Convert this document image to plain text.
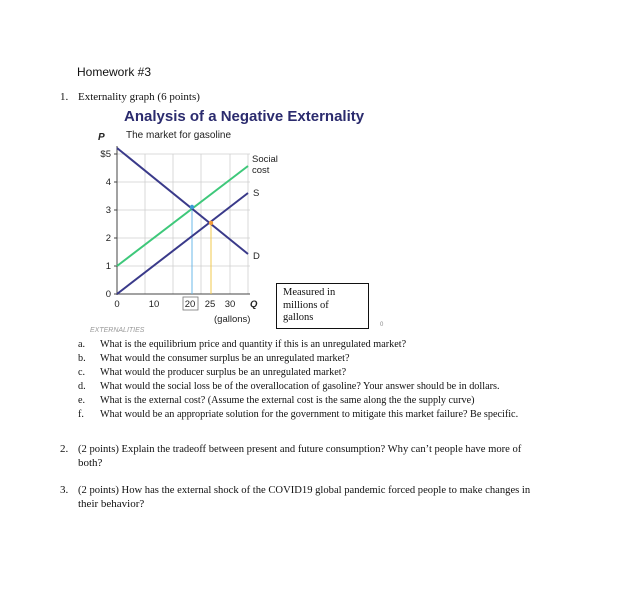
Homework #3
1. Externality graph (6 points)
Analysis of a Negative Externality
P The market for gasoline
$5
4
3
2
1
0
0	10	20 25 30 Q
(gallons)
EXTERNALITIES
Social
cost
S
D
Measured in
millions of
gallons
0
a. What is the equilibrium price and quantity if this is an unregulated market?
b. What would the consumer surplus be an unregulated market?
c. What would the producer surplus be an unregulated market?
d. What would the social loss be of the overallocation of gasoline? Your answer should be in dollars.
e. What is the external cost? (Assume the external cost is the same along the the supply curve)
f. What would be an appropriate solution for the government to mitigate this market failure? Be specific.
2. (2 points) Explain the tradeoff between present and future consumption? Why can’t people have more of
both?
3. (2 points) How has the external shock of the COVID19 global pandemic forced people to make changes in
their behavior?
